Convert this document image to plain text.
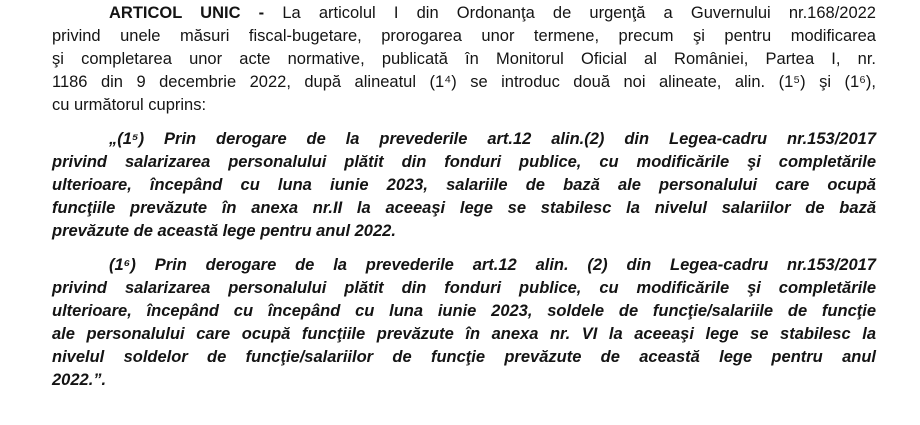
ARTICOL UNIC - La articolul I din Ordonanţa de urgenţă a Guvernului nr.168/2022
privind unele măsuri fiscal-bugetare, prorogarea unor termene, precum şi pentru modificarea
şi completarea unor acte normative, publicată în Monitorul Oficial al României, Partea I, nr.
1186 din 9 decembrie 2022, după alineatul (1⁴) se introduc două noi alineate, alin. (1⁵) şi (1⁶),
cu următorul cuprins:

„(1⁵) Prin derogare de la prevederile art.12 alin.(2) din Legea-cadru nr.153/2017
privind salarizarea personalului plătit din fonduri publice, cu modificările şi completările
ulterioare, începând cu luna iunie 2023, salariile de bază ale personalului care ocupă
funcţiile prevăzute în anexa nr.II la aceeaşi lege se stabilesc la nivelul salariilor de bază
prevăzute de această lege pentru anul 2022.

(1⁶) Prin derogare de la prevederile art.12 alin. (2) din Legea-cadru nr.153/2017
privind salarizarea personalului plătit din fonduri publice, cu modificările şi completările
ulterioare, începând cu începând cu luna iunie 2023, soldele de funcţie/salariile de funcţie
ale personalului care ocupă funcţiile prevăzute în anexa nr. VI la aceeaşi lege se stabilesc la
nivelul soldelor de funcţie/salariilor de funcţie prevăzute de această lege pentru anul
2022.”.
